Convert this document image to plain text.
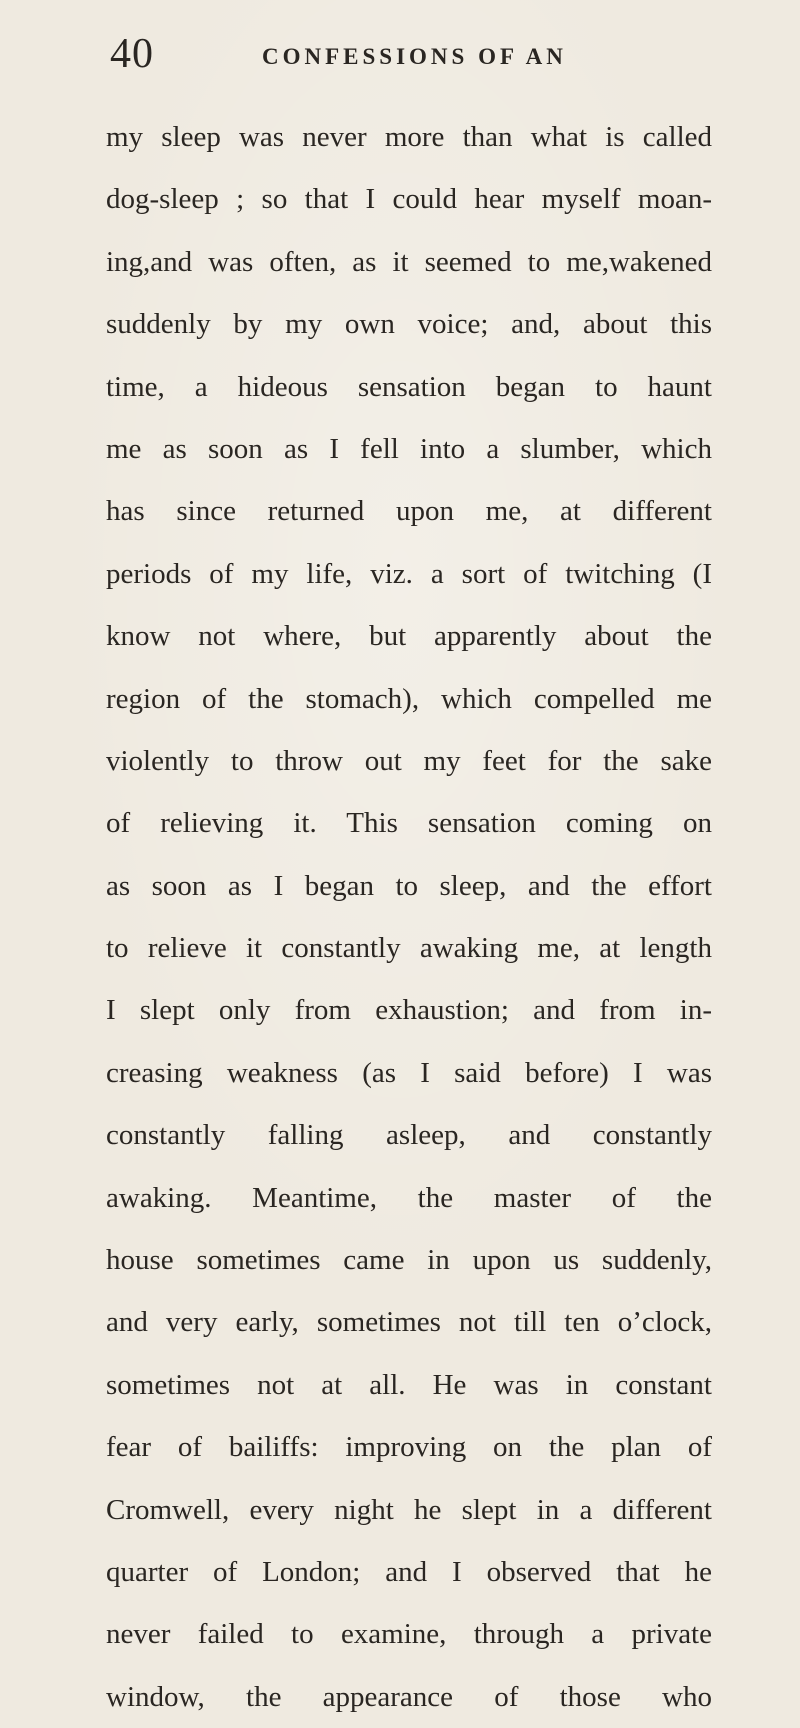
40	CONFESSIONS OF AN
my sleep was never more than what is called
dog-sleep ; so that I could hear myself moan-
ing,and was often, as it seemed to me,wakened
suddenly by my own voice; and, about this
time, a hideous sensation began to haunt
me as soon as I fell into a slumber, which
has since returned upon me, at different
periods of my life, viz. a sort of twitching (I
know not where, but apparently about the
region of the stomach), which compelled me
violently to throw out my feet for the sake
of relieving it. This sensation coming on
as soon as I began to sleep, and the effort
to relieve it constantly awaking me, at length
I slept only from exhaustion; and from in-
creasing weakness (as I said before) I was
constantly falling asleep, and constantly
awaking. Meantime, the master of the
house sometimes came in upon us suddenly,
and very early, sometimes not till ten o’clock,
sometimes not at all. He was in constant
fear of bailiffs: improving on the plan of
Cromwell, every night he slept in a different
quarter of London; and I observed that he
never failed to examine, through a private
window, the appearance of those who
